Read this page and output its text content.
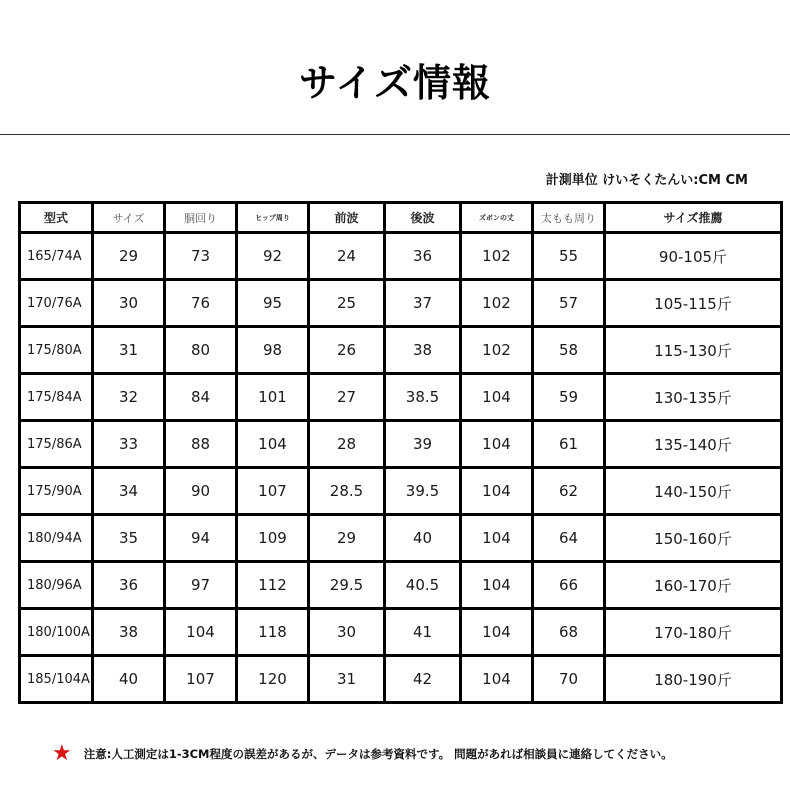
サイズ情報
計測単位 けいそくたんい:CM CM
型式	サイズ	胴回り	ヒップ周り	前波	後波	ズボンの丈	太もも周り	サイズ推薦
165/74A	29	73	92	24	36	102	55	90-105斤
170/76A	30	76	95	25	37	102	57	105-115斤
175/80A	31	80	98	26	38	102	58	115-130斤
175/84A	32	84	101	27	38.5	104	59	130-135斤
175/86A	33	88	104	28	39	104	61	135-140斤
175/90A	34	90	107	28.5	39.5	104	62	140-150斤
180/94A	35	94	109	29	40	104	64	150-160斤
180/96A	36	97	112	29.5	40.5	104	66	160-170斤
180/100A	38	104	118	30	41	104	68	170-180斤
185/104A	40	107	120	31	42	104	70	180-190斤
★ 注意:人工測定は1-3CM程度の誤差があるが、データは参考資料です。 問題があれば相談員に連絡してください。
